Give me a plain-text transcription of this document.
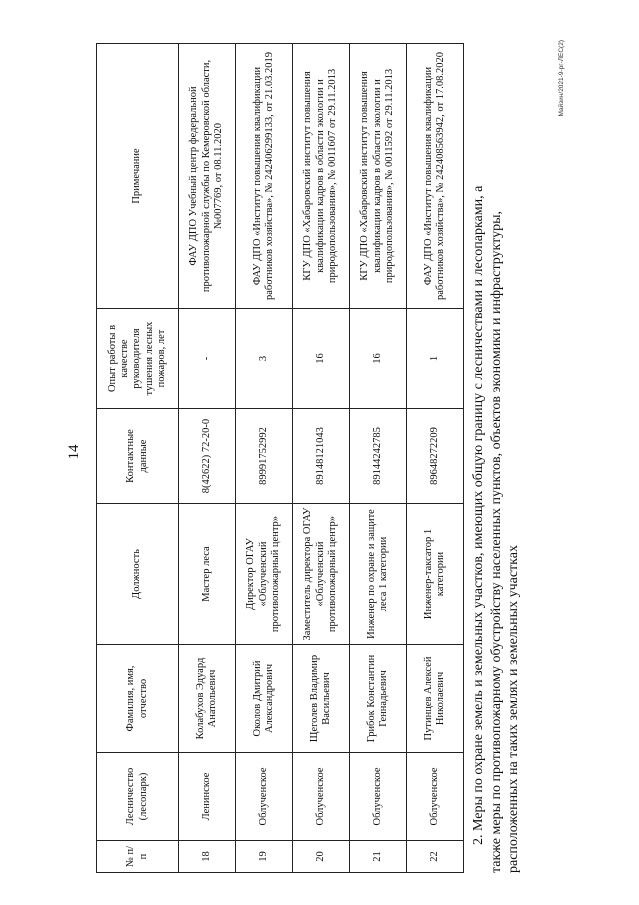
14
№ п/п	Лесничество (лесопарк)	Фамилия, имя, отчество	Должность	Контактные данные	Опыт работы в качестве руководителя тушения лесных пожаров, лет	Примечание
18	Ленинское	Колабухов Эдуард Анатольевич	Мастер леса	8(42622) 72-20-0	-	ФАУ ДПО Учебный центр федеральной противопожарной службы по Кемеровской области, №007769, от 08.11.2020
19	Облученское	Околов Дмитрий Александрович	Директор ОГАУ «Облученский противопожарный центр»	89991752992	3	ФАУ ДПО «Институт повышения квалификации работников хозяйства», № 242406299133, от 21.03.2019
20	Облученское	Щеголев Владимир Васильевич	Заместитель директора ОГАУ «Облученский противопожарный центр»	89148121043	16	КГУ ДПО «Хабаровский институт повышения квалификации кадров в области экологии и природопользования», № 0011607 от 29.11.2013
21	Облученское	Грибок Константин Геннадьевич	Инженер по охране и защите леса 1 категории	89144242785	16	КГУ ДПО «Хабаровский институт повышения квалификации кадров в области экологии и природопользования», № 0011592 от 29.11.2013
22	Облученское	Путинцев Алексей Николаевич	Инженер-таксатор 1 категории	89648272209	1	ФАУ ДПО «Институт повышения квалификации работников хозяйства», № 242408563942, от 17.08.2020
2. Меры по охране земель и земельных участков, имеющих общую границу с лесничествами и лесопарками, а также меры по противопожарному обустройству населенных пунктов, объектов экономики и инфраструктуры, расположенных на таких землях и земельных участках
Майзин/2021-9-рг-ЛЕС(2)
